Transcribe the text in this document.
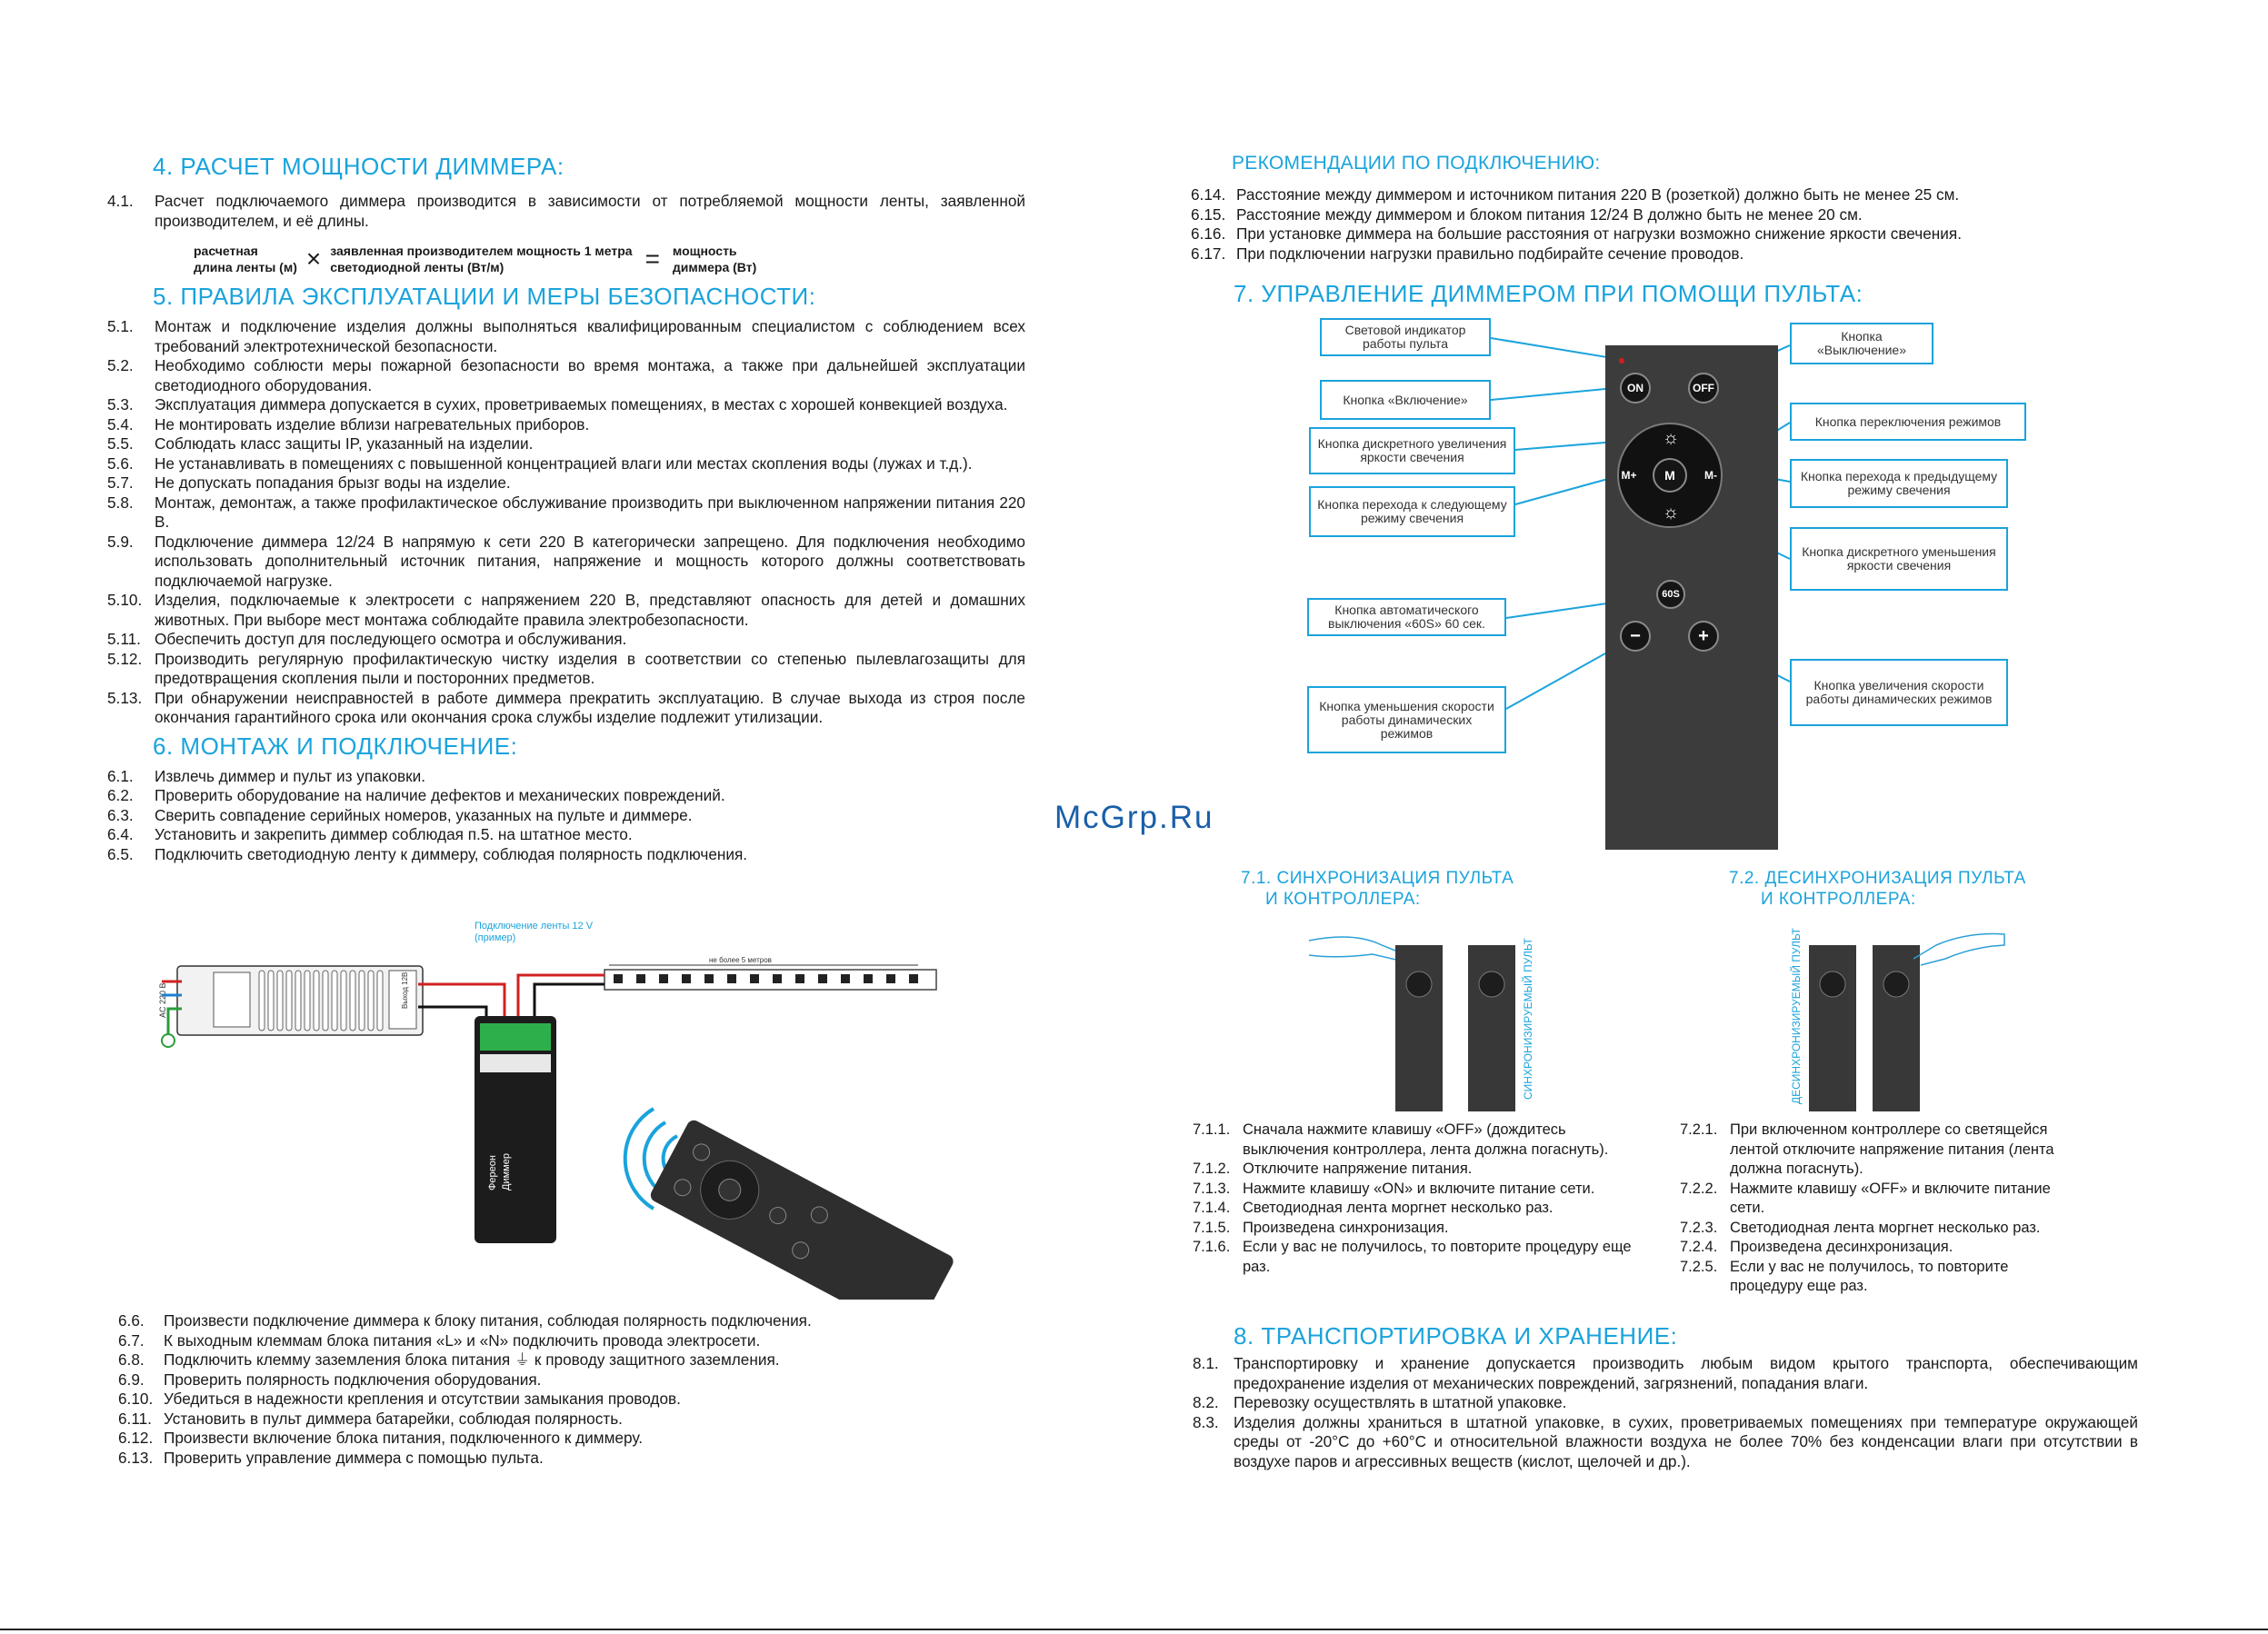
4. РАСЧЕТ МОЩНОСТИ ДИММЕРА:
4.1.	Расчет подключаемого диммера производится в зависимости от потребляемой мощности ленты, заявленной производителем, и её длины.
расчетная
длина ленты (м) × заявленная производителем мощность 1 метра
светодиодной ленты (Вт/м)	= мощность
диммера (Вт)
5. ПРАВИЛА ЭКСПЛУАТАЦИИ И МЕРЫ БЕЗОПАСНОСТИ:
5.1.	Монтаж и подключение изделия должны выполняться квалифицированным специалистом с соблюдением всех требований электротехнической безопасности.
5.2.	Необходимо соблюсти меры пожарной безопасности во время монтажа, а также при дальнейшей эксплуатации светодиодного оборудования.
5.3.	Эксплуатация диммера допускается в сухих, проветриваемых помещениях, в местах с хорошей конвекцией воздуха.
5.4.	Не монтировать изделие вблизи нагревательных приборов.
5.5.	Соблюдать класс защиты IP, указанный на изделии.
5.6.	Не устанавливать в помещениях с повышенной концентрацией влаги или местах скопления воды (лужах и т.д.).
5.7.	Не допускать попадания брызг воды на изделие.
5.8.	Монтаж, демонтаж, а также профилактическое обслуживание производить при выключенном напряжении питания 220 В.
5.9.	Подключение диммера 12/24 В напрямую к сети 220 В категорически запрещено. Для подключения необходимо использовать дополнительный источник питания, напряжение и мощность которого должны соответствовать подключаемой нагрузке.
5.10. Изделия, подключаемые к электросети с напряжением 220 В, представляют опасность для детей и домашних животных. При выборе мест монтажа соблюдайте правила электробезопасности.
5.11. Обеспечить доступ для последующего осмотра и обслуживания.
5.12. Производить регулярную профилактическую чистку изделия в соответствии со степенью пылевлагозащиты для предотвращения скопления пыли и посторонних предметов.
5.13. При обнаружении неисправностей в работе диммера прекратить эксплуатацию. В случае выхода из строя после окончания гарантийного срока или окончания срока службы изделие подлежит утилизации.
6. МОНТАЖ И ПОДКЛЮЧЕНИЕ:
6.1.	Извлечь диммер и пульт из упаковки.
6.2.	Проверить оборудование на наличие дефектов и механических повреждений.
6.3.	Сверить совпадение серийных номеров, указанных на пульте и диммере.
6.4.	Установить и закрепить диммер соблюдая п.5. на штатное место.
6.5.	Подключить светодиодную ленту к диммеру, соблюдая полярность подключения.
Подключение ленты 12 V
(пример)
не более 5 метров
Выход 12В
AC 220 В
Фереон Диммер
6.6.	Произвести подключение диммера к блоку питания, соблюдая полярность подключения.
6.7.	К выходным клеммам блока питания «L» и «N» подключить провода электросети.
6.8.	Подключить клемму заземления блока питания ⏚ к проводу защитного заземления.
6.9.	Проверить полярность подключения оборудования.
6.10. Убедиться в надежности крепления и отсутствии замыкания проводов.
6.11. Установить в пульт диммера батарейки, соблюдая полярность.
6.12. Произвести включение блока питания, подключенного к диммеру.
6.13. Проверить управление диммера с помощью пульта.
РЕКОМЕНДАЦИИ ПО ПОДКЛЮЧЕНИЮ:
6.14. Расстояние между диммером и источником питания 220 В (розеткой) должно быть не менее 25 см.
6.15. Расстояние между диммером и блоком питания 12/24 В должно быть не менее 20 см.
6.16. При установке диммера на большие расстояния от нагрузки возможно снижение яркости свечения.
6.17. При подключении нагрузки правильно подбирайте сечение проводов.
7. УПРАВЛЕНИЕ ДИММЕРОМ ПРИ ПОМОЩИ ПУЛЬТА:
ON	OFF
☼
☼
M-
M+	M
60S
−	+
Световой индикатор работы пульта
Кнопка «Включение»
Кнопка дискретного увеличения яркости свечения
Кнопка перехода к следующему режиму свечения
Кнопка «Выключение»
Кнопка переключения режимов
Кнопка перехода к предыдущему режиму свечения
Кнопка дискретного уменьшения яркости свечения
Кнопка автоматического выключения «60S» 60 сек.
Кнопка уменьшения скорости работы динамических режимов
Кнопка увеличения скорости работы динамических режимов
McGrp.Ru
7.1. СИНХРОНИЗАЦИЯ ПУЛЬТА
И КОНТРОЛЛЕРА:
7.2. ДЕСИНХРОНИЗАЦИЯ ПУЛЬТА
И КОНТРОЛЛЕРА:
СИНХРОНИЗИРУЕМЫЙ ПУЛЬТ	ДЕСИНХРОНИЗИРУЕМЫЙ ПУЛЬТ
7.1.1. Сначала нажмите клавишу «OFF» (дождитесь выключения контроллера, лента должна погаснуть).
7.1.2. Отключите напряжение питания.
7.1.3. Нажмите клавишу «ON» и включите питание сети.
7.1.4. Светодиодная лента моргнет несколько раз.
7.1.5. Произведена синхронизация.
7.1.6. Если у вас не получилось, то повторите процедуру еще раз.
7.2.1. При включенном контроллере со светящейся лентой отключите напряжение питания (лента должна погаснуть).
7.2.2. Нажмите клавишу «OFF» и включите питание сети.
7.2.3. Светодиодная лента моргнет несколько раз.
7.2.4. Произведена десинхронизация.
7.2.5. Если у вас не получилось, то повторите процедуру еще раз.
8. ТРАНСПОРТИРОВКА И ХРАНЕНИЕ:
8.1. Транспортировку и хранение допускается производить любым видом крытого транспорта, обеспечивающим предохранение изделия от механических повреждений, загрязнений, попадания влаги.
8.2. Перевозку осуществлять в штатной упаковке.
8.3. Изделия должны храниться в штатной упаковке, в сухих, проветриваемых помещениях при температуре окружающей среды от -20°С до +60°С и относительной влажности воздуха не более 70% без конденсации влаги при отсутствии в воздухе паров и агрессивных веществ (кислот, щелочей и др.).
